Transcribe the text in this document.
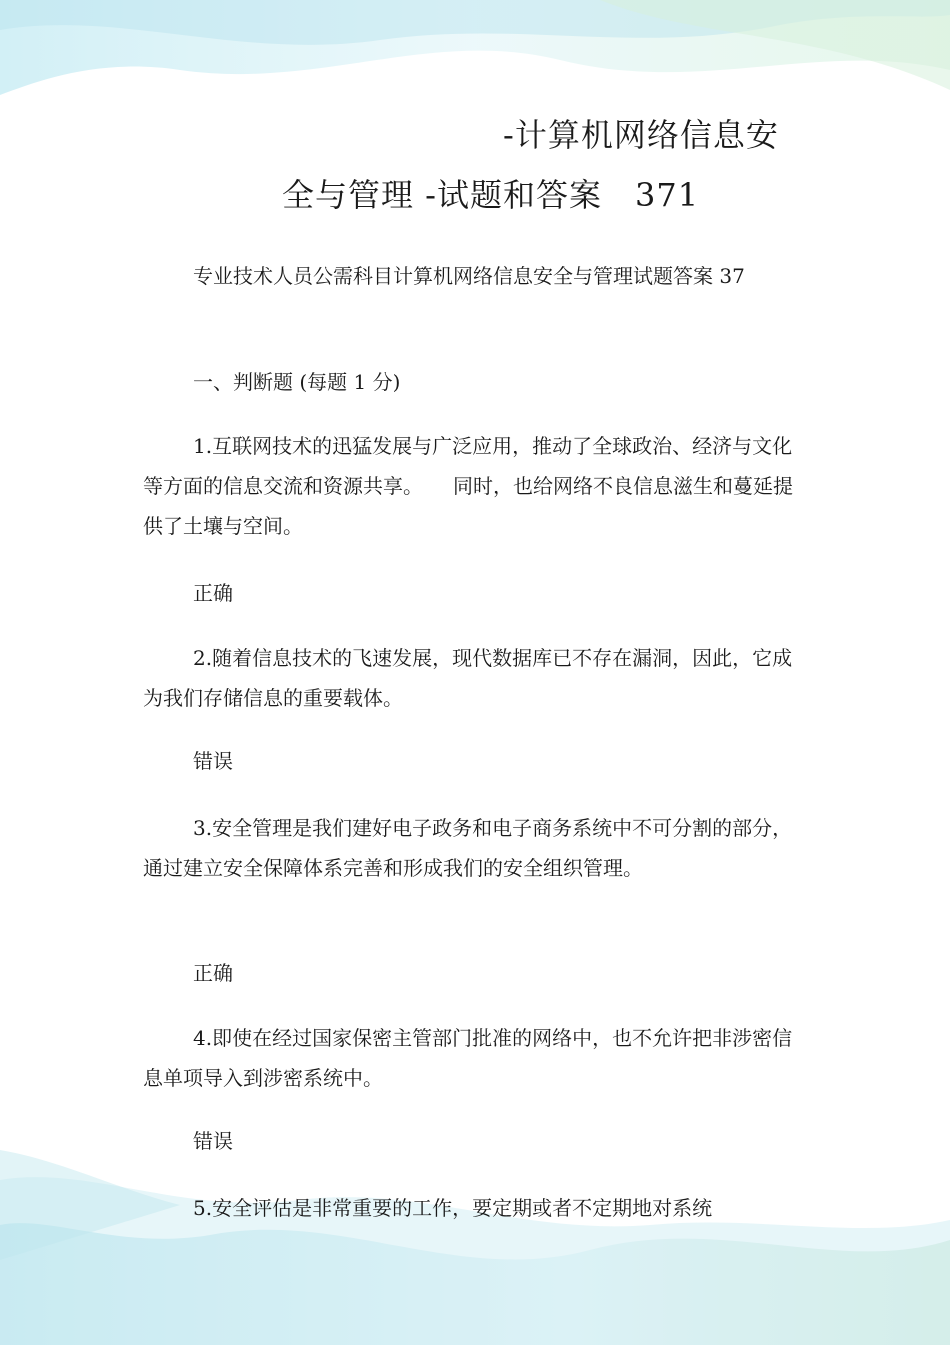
-计算机网络信息安
全与管理 -试题和答案　371

专业技术人员公需科目计算机网络信息安全与管理试题答案 37

一、判断题 (每题 1 分)

1.互联网技术的迅猛发展与广泛应用，推动了全球政治、经济与文化等方面的信息交流和资源共享。　　同时，也给网络不良信息滋生和蔓延提供了土壤与空间。

正确

2.随着信息技术的飞速发展，现代数据库已不存在漏洞，因此，它成为我们存储信息的重要载体。

错误

3.安全管理是我们建好电子政务和电子商务系统中不可分割的部分，通过建立安全保障体系完善和形成我们的安全组织管理。

正确

4.即使在经过国家保密主管部门批准的网络中，也不允许把非涉密信息单项导入到涉密系统中。

错误

5.安全评估是非常重要的工作，要定期或者不定期地对系统
